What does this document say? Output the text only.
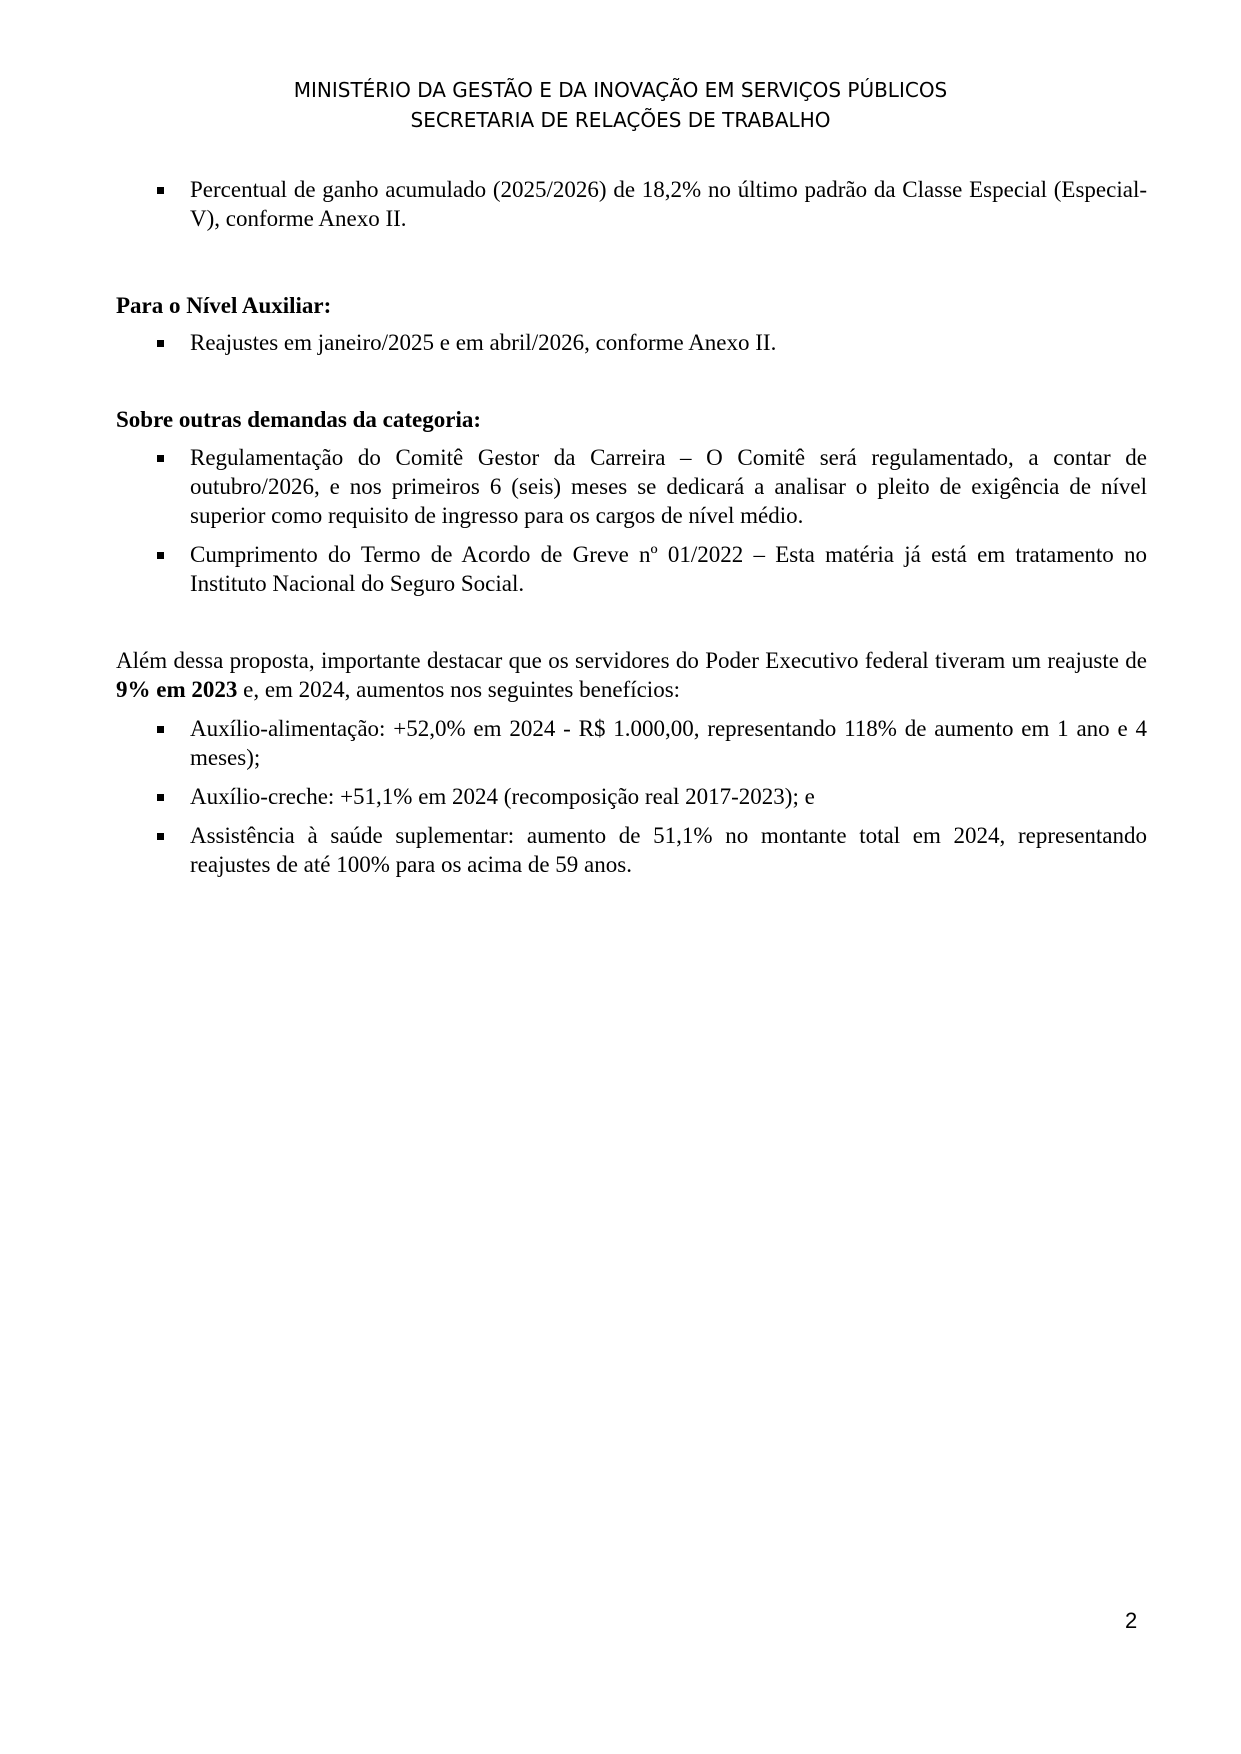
MINISTÉRIO DA GESTÃO E DA INOVAÇÃO EM SERVIÇOS PÚBLICOS
SECRETARIA DE RELAÇÕES DE TRABALHO

Percentual de ganho acumulado (2025/2026) de 18,2% no último padrão da Classe Especial (Especial-V), conforme Anexo II.

Para o Nível Auxiliar:

Reajustes em janeiro/2025 e em abril/2026, conforme Anexo II.

Sobre outras demandas da categoria:

Regulamentação do Comitê Gestor da Carreira – O Comitê será regulamentado, a contar de outubro/2026, e nos primeiros 6 (seis) meses se dedicará a analisar o pleito de exigência de nível superior como requisito de ingresso para os cargos de nível médio.

Cumprimento do Termo de Acordo de Greve nº 01/2022 – Esta matéria já está em tratamento no Instituto Nacional do Seguro Social.

Além dessa proposta, importante destacar que os servidores do Poder Executivo federal tiveram um reajuste de 9% em 2023 e, em 2024, aumentos nos seguintes benefícios:

Auxílio-alimentação: +52,0% em 2024 - R$ 1.000,00, representando 118% de aumento em 1 ano e 4 meses);

Auxílio-creche: +51,1% em 2024 (recomposição real 2017-2023); e

Assistência à saúde suplementar: aumento de 51,1% no montante total em 2024, representando reajustes de até 100% para os acima de 59 anos.

2
